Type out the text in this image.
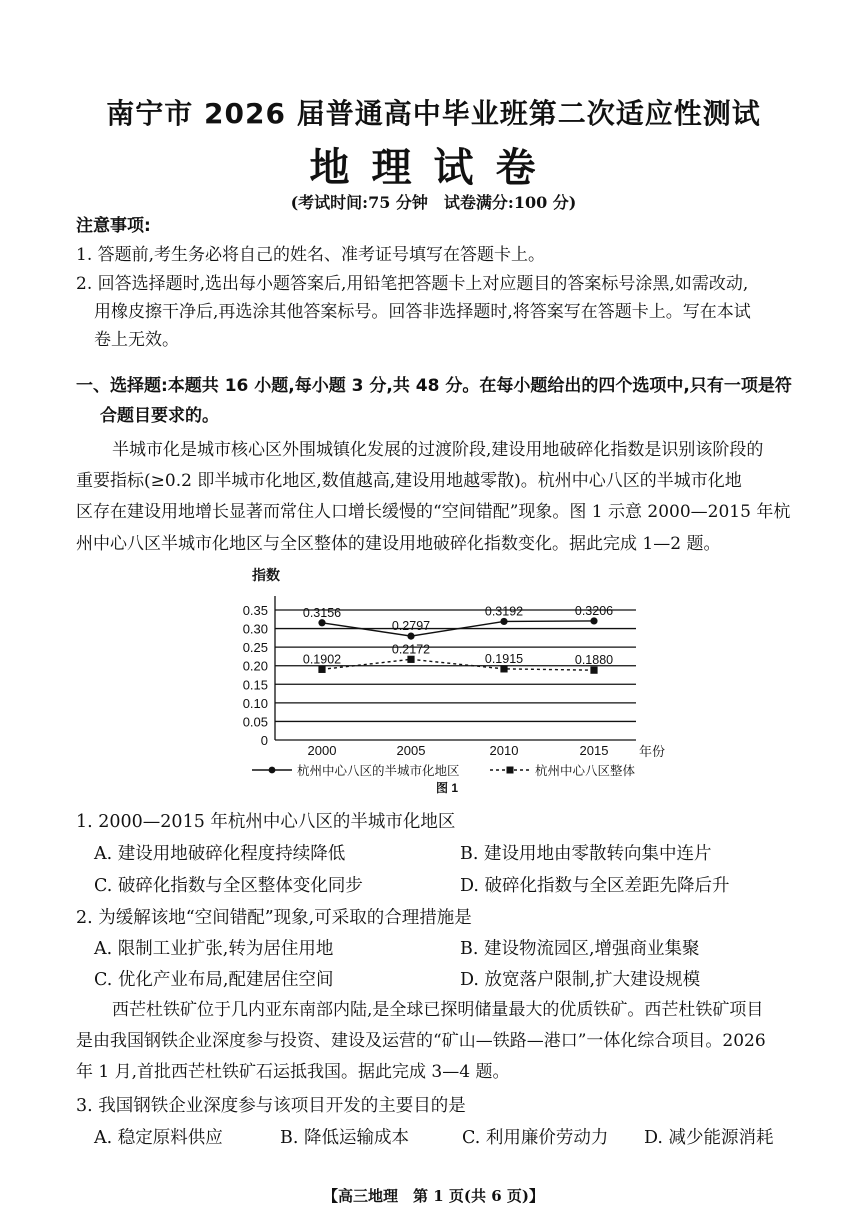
南宁市 2026 届普通高中毕业班第二次适应性测试
地理试卷
(考试时间:75 分钟　试卷满分:100 分)
注意事项:
1. 答题前,考生务必将自己的姓名、准考证号填写在答题卡上。
2. 回答选择题时,选出每小题答案后,用铅笔把答题卡上对应题目的答案标号涂黑,如需改动,
用橡皮擦干净后,再选涂其他答案标号。回答非选择题时,将答案写在答题卡上。写在本试
卷上无效。
一、选择题:本题共 16 小题,每小题 3 分,共 48 分。在每小题给出的四个选项中,只有一项是符
合题目要求的。
半城市化是城市核心区外围城镇化发展的过渡阶段,建设用地破碎化指数是识别该阶段的
重要指标(≥0.2 即半城市化地区,数值越高,建设用地越零散)。杭州中心八区的半城市化地
区存在建设用地增长显著而常住人口增长缓慢的“空间错配”现象。图 1 示意 2000—2015 年杭
州中心八区半城市化地区与全区整体的建设用地破碎化指数变化。据此完成 1—2 题。
指数
0
0.05
0.10
0.15
0.20
0.25
0.30
0.35
2000	2005	2010	2015 年份
0.3156
0.2797
0.3192	0.3206
0.1902
0.2172
0.1915	0.1880
杭州中心八区的半城市化地区	杭州中心八区整体
图 1
1. 2000—2015 年杭州中心八区的半城市化地区
A. 建设用地破碎化程度持续降低	B. 建设用地由零散转向集中连片
C. 破碎化指数与全区整体变化同步	D. 破碎化指数与全区差距先降后升
2. 为缓解该地“空间错配”现象,可采取的合理措施是
A. 限制工业扩张,转为居住用地	B. 建设物流园区,增强商业集聚
C. 优化产业布局,配建居住空间	D. 放宽落户限制,扩大建设规模
西芒杜铁矿位于几内亚东南部内陆,是全球已探明储量最大的优质铁矿。西芒杜铁矿项目
是由我国钢铁企业深度参与投资、建设及运营的“矿山—铁路—港口”一体化综合项目。2026
年 1 月,首批西芒杜铁矿石运抵我国。据此完成 3—4 题。
3. 我国钢铁企业深度参与该项目开发的主要目的是
A. 稳定原料供应	B. 降低运输成本	C. 利用廉价劳动力 D. 减少能源消耗
【高三地理　第 1 页(共 6 页)】
